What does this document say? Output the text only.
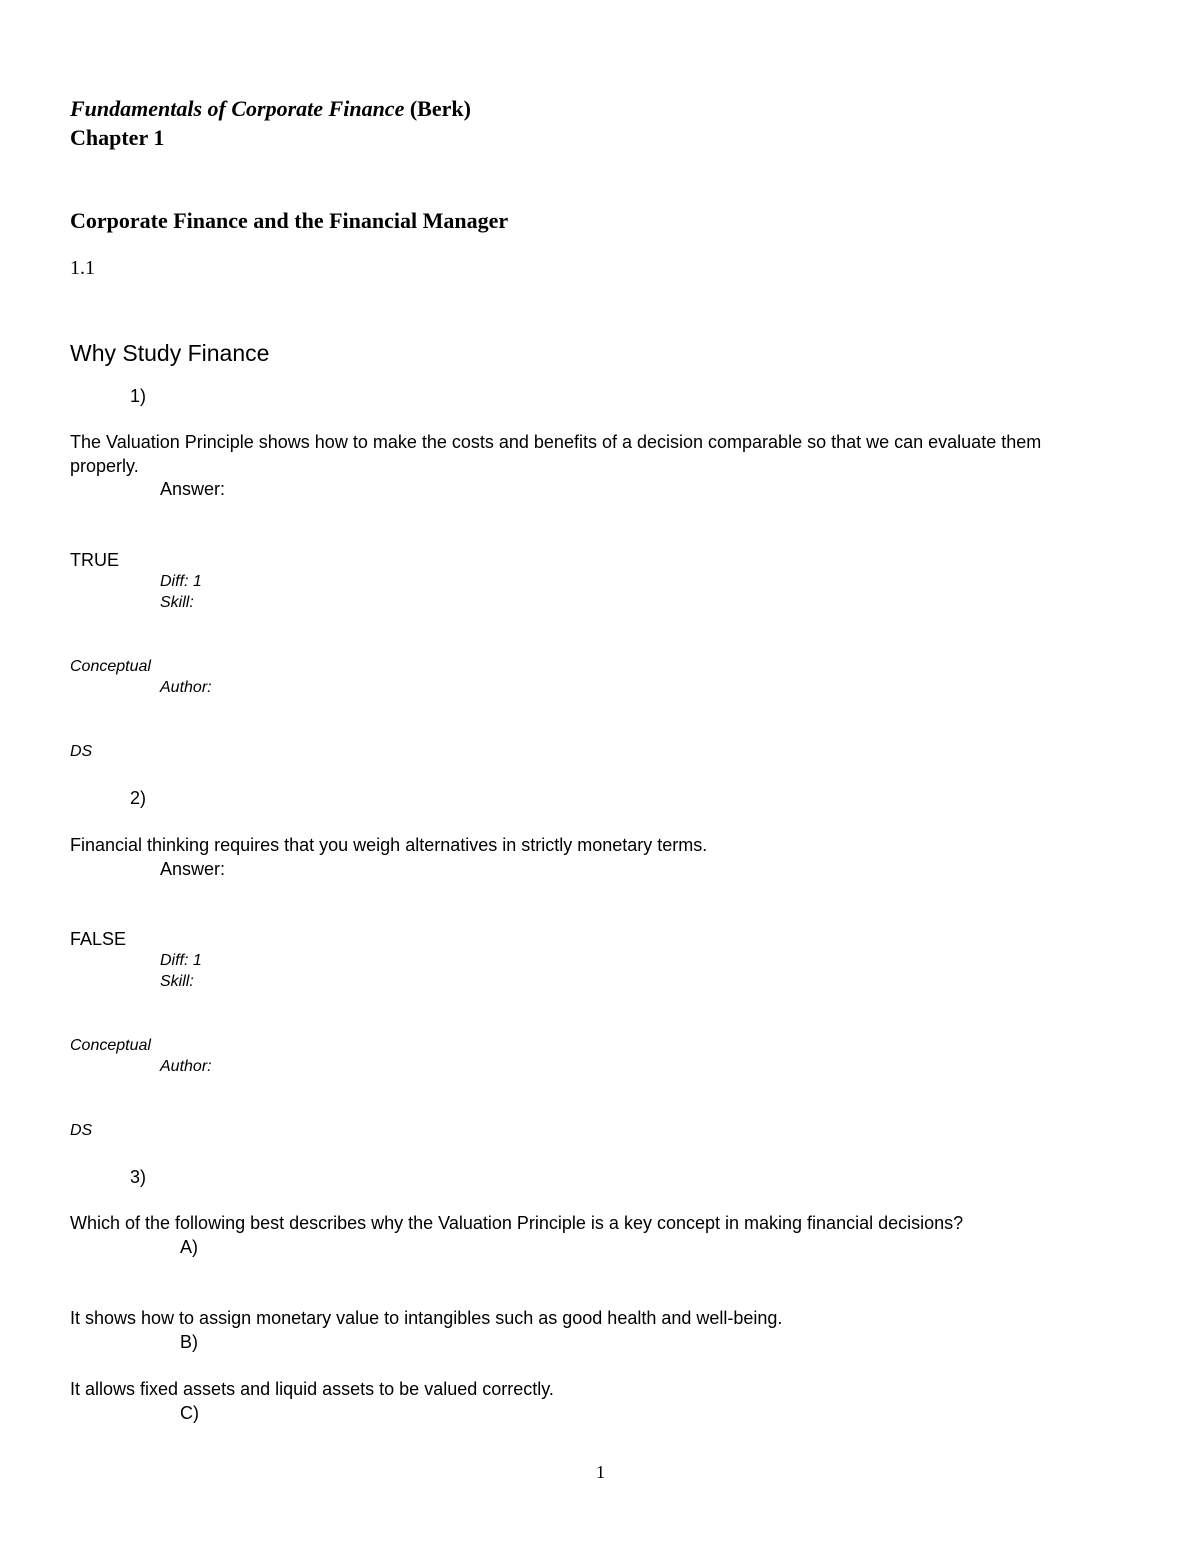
Fundamentals of Corporate Finance (Berk)
Chapter 1
Corporate Finance and the Financial Manager
1.1
Why Study Finance
1)
The Valuation Principle shows how to make the costs and benefits of a decision comparable so that we can evaluate them
properly.
Answer:
TRUE
Diff: 1
Skill:
Conceptual
Author:
DS
2)
Financial thinking requires that you weigh alternatives in strictly monetary terms.
Answer:
FALSE
Diff: 1
Skill:
Conceptual
Author:
DS
3)
Which of the following best describes why the Valuation Principle is a key concept in making financial decisions?
A)
It shows how to assign monetary value to intangibles such as good health and well-being.
B)
It allows fixed assets and liquid assets to be valued correctly.
C)
1
